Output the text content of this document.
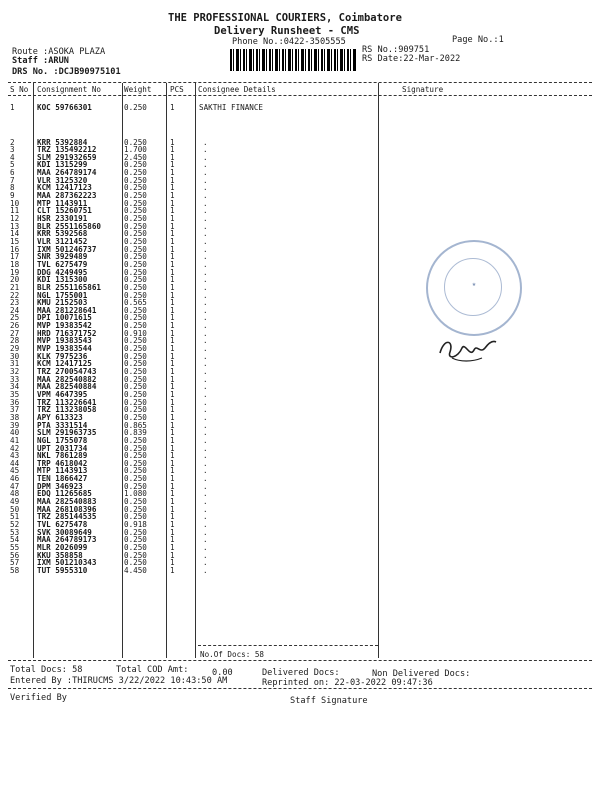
THE PROFESSIONAL COURIERS, Coimbatore
Delivery Runsheet - CMS
Phone No.:0422-3505555	Page No.:1
Route :ASOKA PLAZA
Staff :ARUN
DRS No. :DCJB90975101
RS No.:909751
RS Date:22-Mar-2022
S No Consignment No	Weight PCS Consignee Details	Signature
1	KOC 59766301	0.250	1	SAKTHI FINANCE
2	KRR 5392884	0.250	1	.
3	TRZ 135492212	1.700	1	.
4	SLM 291932659	2.450	1	.
5	KDI 1315299	0.250	1	.
6	MAA 264789174	0.250	1	.
7	VLR 3125320	0.250	1	.
8	KCM 12417123	0.250	1	.
9	MAA 287362223	0.250	1	.
10 MTP 1143911	0.250	1	.
11 CLT 15260751	0.250	1	.
12 HSR 2330191	0.250	1	.
13 BLR 2551165860	0.250	1	.
14 KRR 5392568	0.250	1	.
15 VLR 3121452	0.250	1	.
16 IXM 501246737	0.250	1	.
17 SNR 3929489	0.250	1	.
18 TVL 6275479	0.250	1	.
19 DDG 4249495	0.250	1	.
20 KDI 1315300	0.250	1	.
21 BLR 2551165861	0.250	1	.
22 NGL 1755001	0.250	1	.
23 KMU 2152503	0.565	1	.
24 MAA 281228641	0.250	1	.
25 DPI 10071615	0.250	1	.
26 MVP 19383542	0.250	1	.
27 HRD 716371752	0.910	1	.
28 MVP 19383543	0.250	1	.
29 MVP 19383544	0.250	1	.
30 KLK 7975236	0.250	1	.
31 KCM 12417125	0.250	1	.
32 TRZ 270054743	0.250	1	.
33 MAA 282540882	0.250	1	.
34 MAA 282540884	0.250	1	.
35 VPM 4647395	0.250	1	.
36 TRZ 113226641	0.250	1	.
37 TRZ 113238058	0.250	1	.
38 APY 613323	0.250	1	.
39 PTA 3331514	0.865	1	.
40 SLM 291963735	0.839	1	.
41 NGL 1755078	0.250	1	.
42 UPT 2031734	0.250	1	.
43 NKL 7861289	0.250	1	.
44 TRP 4618042	0.250	1	.
45 MTP 1143913	0.250	1	.
46 TEN 1866427	0.250	1	.
47 DPM 346923	0.250	1	.
48 EDQ 11265685	1.080	1	.
49 MAA 282540883	0.250	1	.
50 MAA 268108396	0.250	1	.
51 TRZ 285144535	0.250	1	.
52 TVL 6275478	0.918	1	.
53 SVK 30089649	0.250	1	.
54 MAA 264789173	0.250	1	.
55 MLR 2026099	0.250	1	.
56 KKU 358858	0.250	1	.
57 IXM 501210343	0.250	1	.
58 TUT 5955310	4.450	1	.
No.Of Docs: 58
Total Docs: 58	Total COD Amt:	0.00	Delivered Docs:	Non Delivered Docs:
Entered By :THIRUCMS 3/22/2022 10:43:50 AM	Reprinted on: 22-03-2022 09:47:36
Verified By	Staff Signature
★
